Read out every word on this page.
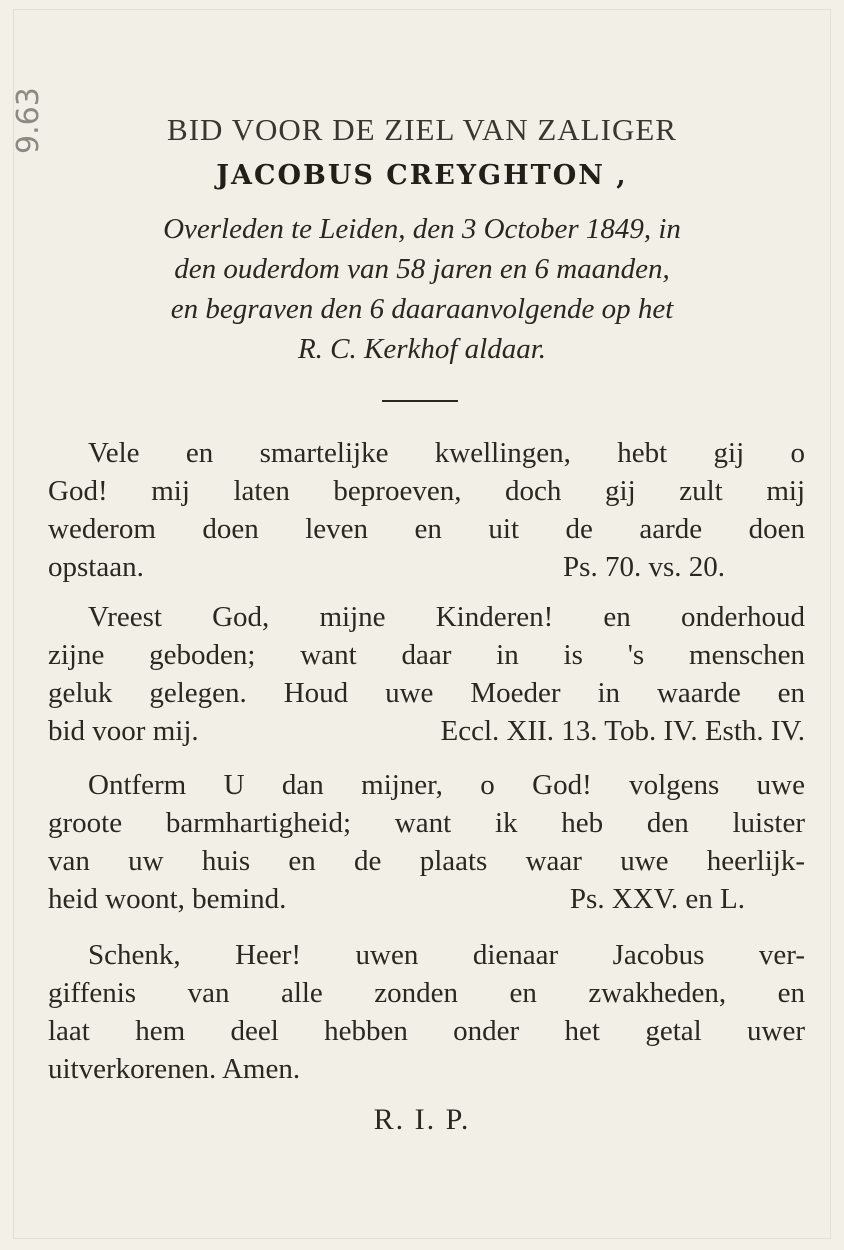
9.63	BID VOOR DE ZIEL VAN ZALIGER
JACOBUS CREYGHTON ,
Overleden te Leiden, den 3 October 1849, in
den ouderdom van 58 jaren en 6 maanden,
en begraven den 6 daaraanvolgende op het
R. C. Kerkhof aldaar.
Vele en smartelijke kwellingen, hebt gij o
God! mij laten beproeven, doch gij zult mij
wederom doen leven en uit de aarde doen
opstaan.	Ps. 70. vs. 20.
Vreest God, mijne Kinderen! en onderhoud
zijne geboden; want daar in is 's menschen
geluk gelegen. Houd uwe Moeder in waarde en
bid voor mij.	Eccl. XII. 13. Tob. IV. Esth. IV.
Ontferm U dan mijner, o God! volgens uwe
groote barmhartigheid; want ik heb den luister
van uw huis en de plaats waar uwe heerlijk-
heid woont, bemind.	Ps. XXV. en L.
Schenk, Heer! uwen dienaar Jacobus ver-
giffenis van alle zonden en zwakheden, en
laat hem deel hebben onder het getal uwer
uitverkorenen. Amen.
R. I. P.
